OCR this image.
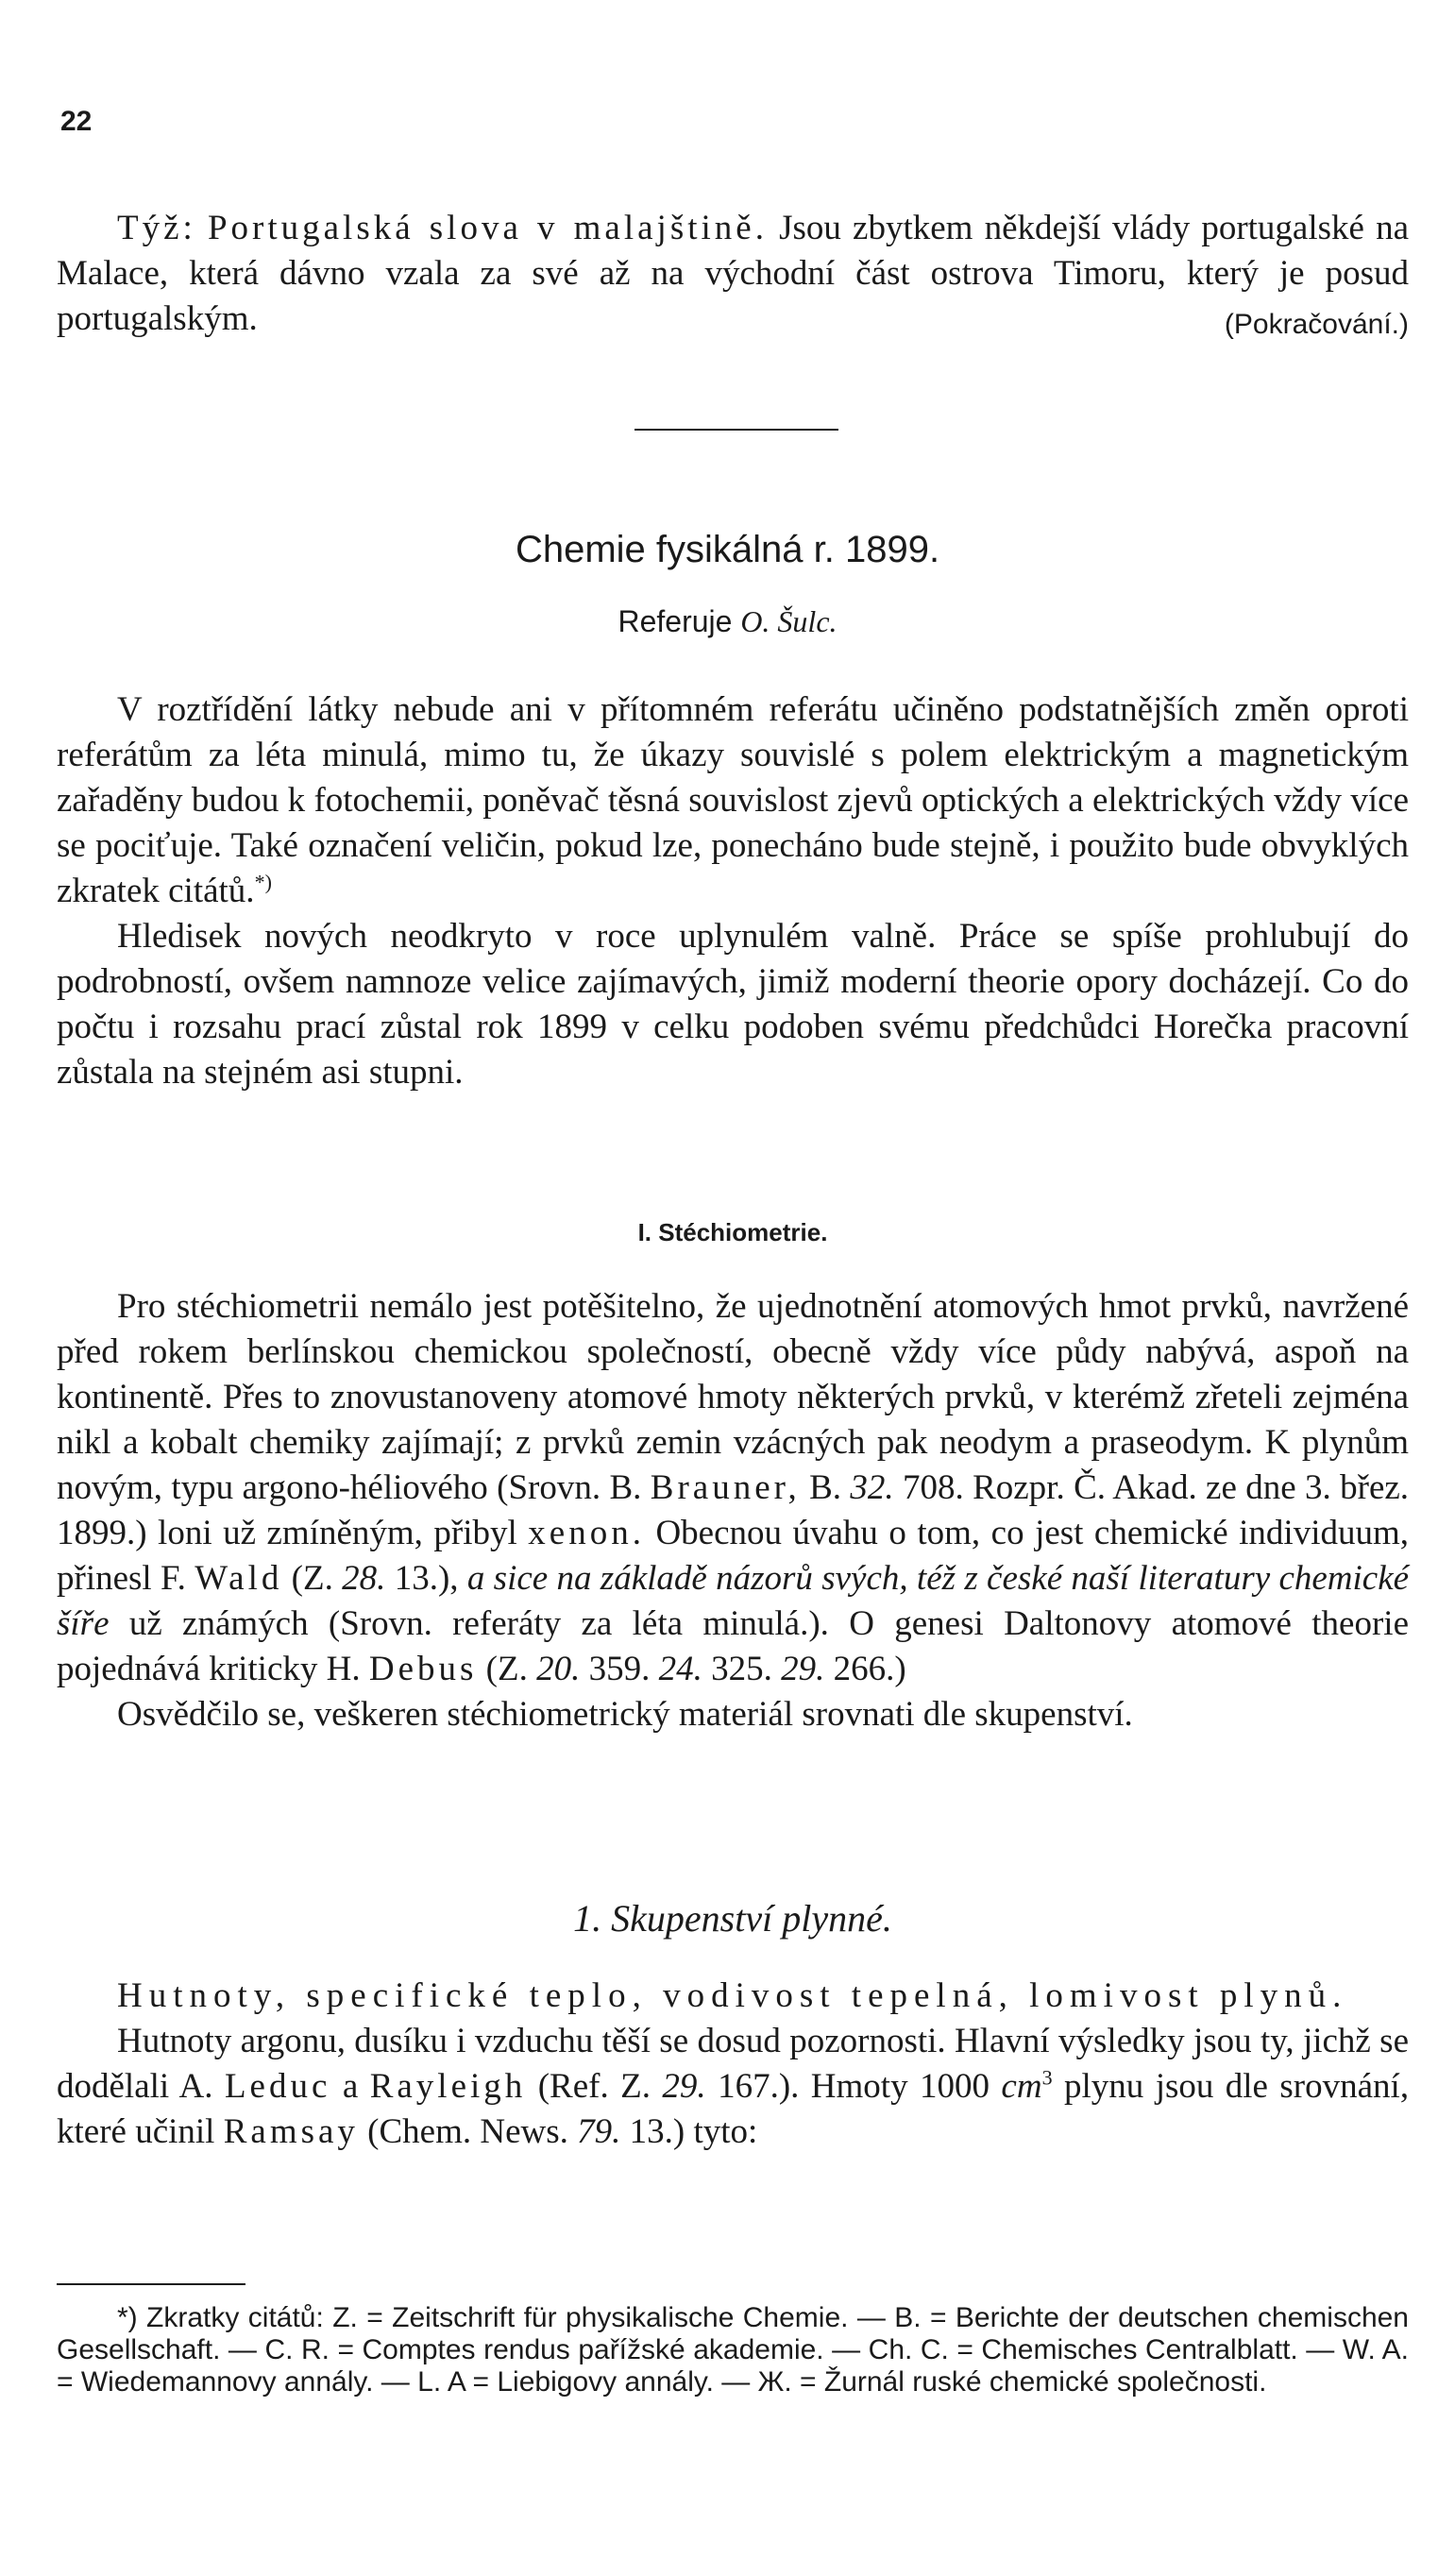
22

Týž: Portugalská slova v malajštině. Jsou zbytkem někdejší vlády portugalské na Malace, která dávno vzala za své až na východní část ostrova Timoru, který je posud portugalským.	(Pokračování.)

Chemie fysikálná r. 1899.
Referuje O. Šulc.

V roztřídění látky nebude ani v přítomném referátu učiněno podstatnějších změn oproti referátům za léta minulá, mimo tu, že úkazy souvislé s polem elektrickým a magnetickým zařaděny budou k fotochemii, poněvač těsná souvislost zjevů optických a elektrických vždy více se pociťuje. Také označení veličin, pokud lze, ponecháno bude stejně, i použito bude obvyklých zkratek citátů.*)

Hledisek nových neodkryto v roce uplynulém valně. Práce se spíše prohlubují do podrobností, ovšem namnoze velice zajímavých, jimiž moderní theorie opory docházejí. Co do počtu i rozsahu prací zůstal rok 1899 v celku podoben svému předchůdci Horečka pracovní zůstala na stejném asi stupni.

I. Stéchiometrie.

Pro stéchiometrii nemálo jest potěšitelno, že ujednotnění atomových hmot prvků, navržené před rokem berlínskou chemickou společností, obecně vždy více půdy nabývá, aspoň na kontinentě. Přes to znovustanoveny atomové hmoty některých prvků, v kterémž zřeteli zejména nikl a kobalt chemiky zajímají; z prvků zemin vzácných pak neodym a praseodym. K plynům novým, typu argono-héliového (Srovn. B. Brauner, B. 32. 708. Rozpr. Č. Akad. ze dne 3. břez. 1899.) loni už zmíněným, přibyl xenon. Obecnou úvahu o tom, co jest chemické individuum, přinesl F. Wald (Z. 28. 13.), a sice na základě názorů svých, též z české naší literatury chemické šíře už známých (Srovn. referáty za léta minulá.). O genesi Daltonovy atomové theorie pojednává kriticky H. Debus (Z. 20. 359. 24. 325. 29. 266.)

Osvědčilo se, veškeren stéchiometrický materiál srovnati dle skupenství.

1. Skupenství plynné.

Hutnoty, specifické teplo, vodivost tepelná, lomivost plynů.

Hutnoty argonu, dusíku i vzduchu těší se dosud pozornosti. Hlavní výsledky jsou ty, jichž se dodělali A. Leduc a Rayleigh (Ref. Z. 29. 167.). Hmoty 1000 $cm^3$ plynu jsou dle srovnání, které učinil Ramsay (Chem. News. 79. 13.) tyto:

*) Zkratky citátů: Z. = Zeitschrift für physikalische Chemie. — B. = Berichte der deutschen chemischen Gesellschaft. — C. R. = Comptes rendus pařížské akademie. — Ch. C. = Chemisches Centralblatt. — W. A. = Wiedemannovy annály. — L. A = Liebigovy annály. — Ж. = Žurnál ruské chemické společnosti.
